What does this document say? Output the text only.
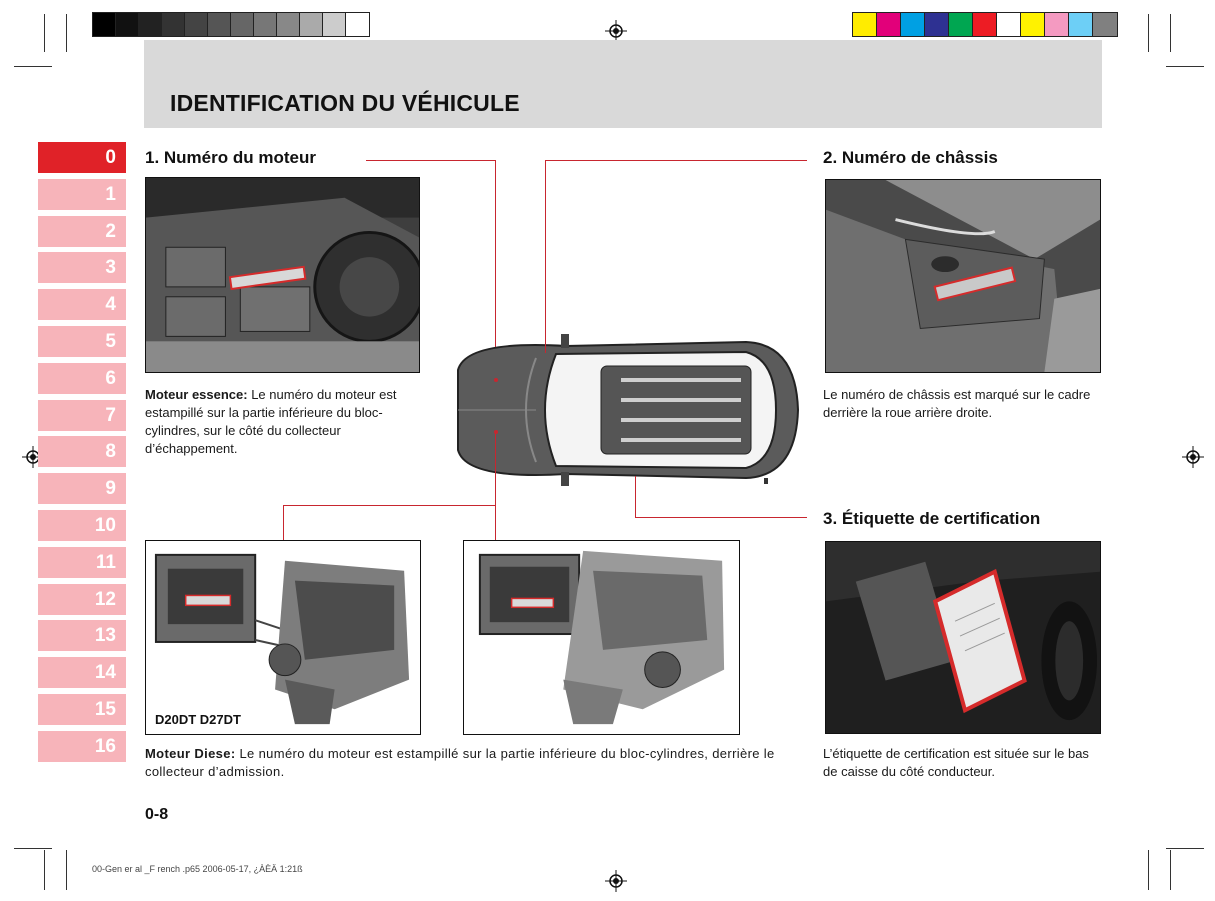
IDENTIFICATION DU VÉHICULE
0
1
2
3
4
5
6
7
8
9
10
11
12
13
14
15
16
1. Numéro du moteur
Moteur essence: Le numéro du moteur est estampillé sur la partie inférieure du bloc-cylindres, sur le côté du collecteur d’échappement.
2. Numéro de châssis
Le numéro de châssis est marqué sur le cadre derrière la roue arrière droite.
3. Étiquette de certification
L’étiquette de certification est située sur le bas de caisse du côté conducteur.
D20DT D27DT
Moteur Diese: Le numéro du moteur est estampillé sur la partie inférieure du bloc-cylindres, derrière le collecteur d’admission.
0-8
00-Gen er al _F rench .p65 2006-05-17, ¿ÀÈÄ 1:21ß
